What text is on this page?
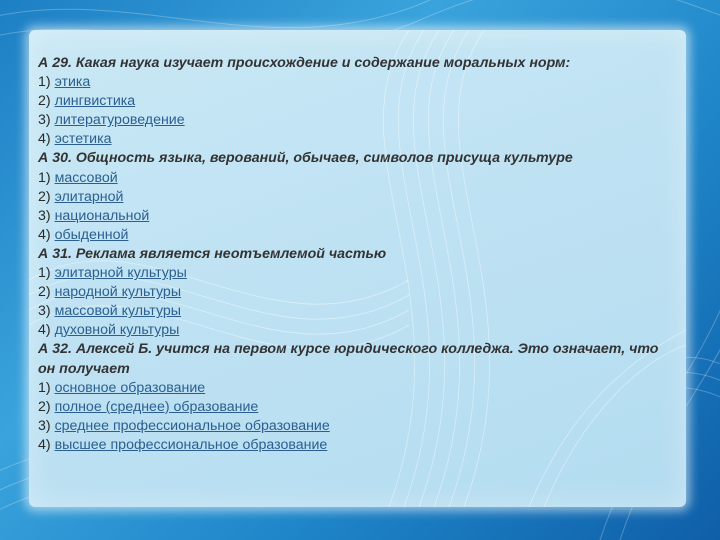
А 29. Какая наука изучает происхождение и содержание моральных норм:
1) этика
2) лингвистика
3) литературоведение
4) эстетика
А 30. Общность языка, верований, обычаев, символов присуща культуре
1) массовой
2) элитарной
3) национальной
4) обыденной
А 31. Реклама является неотъемлемой частью
1) элитарной культуры
2) народной культуры
3) массовой культуры
4) духовной культуры
А 32. Алексей Б. учится на первом курсе юридического колледжа. Это означает, что он получает
1) основное образование
2) полное (среднее) образование
3) среднее профессиональное образование
4) высшее профессиональное образование
